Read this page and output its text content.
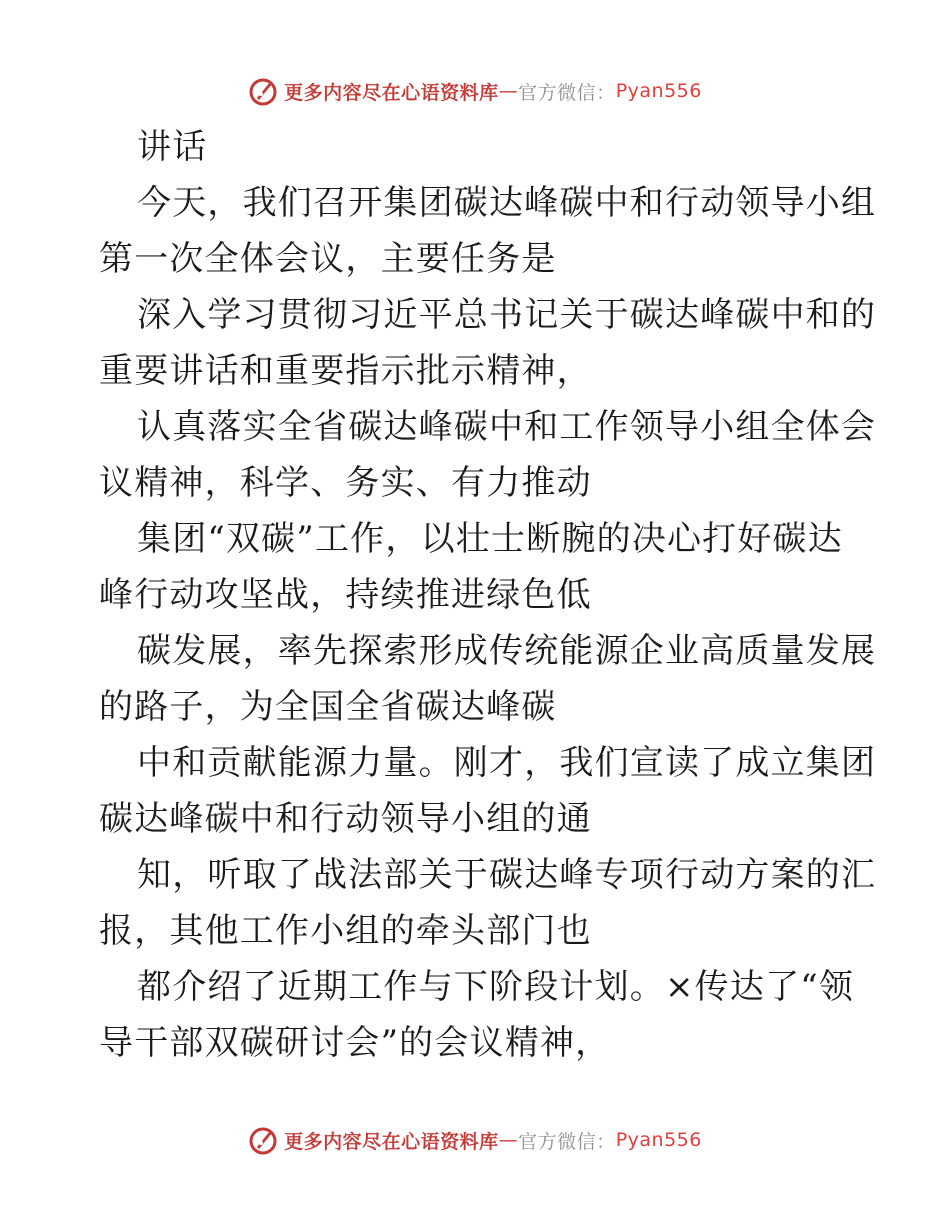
更多内容尽在心语资料库 — 官方微信： Pyan556
讲话
今天，我们召开集团碳达峰碳中和行动领导小组
第一次全体会议，主要任务是
深入学习贯彻习近平总书记关于碳达峰碳中和的
重要讲话和重要指示批示精神，
认真落实全省碳达峰碳中和工作领导小组全体会
议精神，科学、务实、有力推动
集团“双碳”工作，以壮士断腕的决心打好碳达
峰行动攻坚战，持续推进绿色低
碳发展，率先探索形成传统能源企业高质量发展
的路子，为全国全省碳达峰碳
中和贡献能源力量。刚才，我们宣读了成立集团
碳达峰碳中和行动领导小组的通
知，听取了战法部关于碳达峰专项行动方案的汇
报，其他工作小组的牵头部门也
都介绍了近期工作与下阶段计划。×传达了“领
导干部双碳研讨会”的会议精神，
更多内容尽在心语资料库 — 官方微信： Pyan556
